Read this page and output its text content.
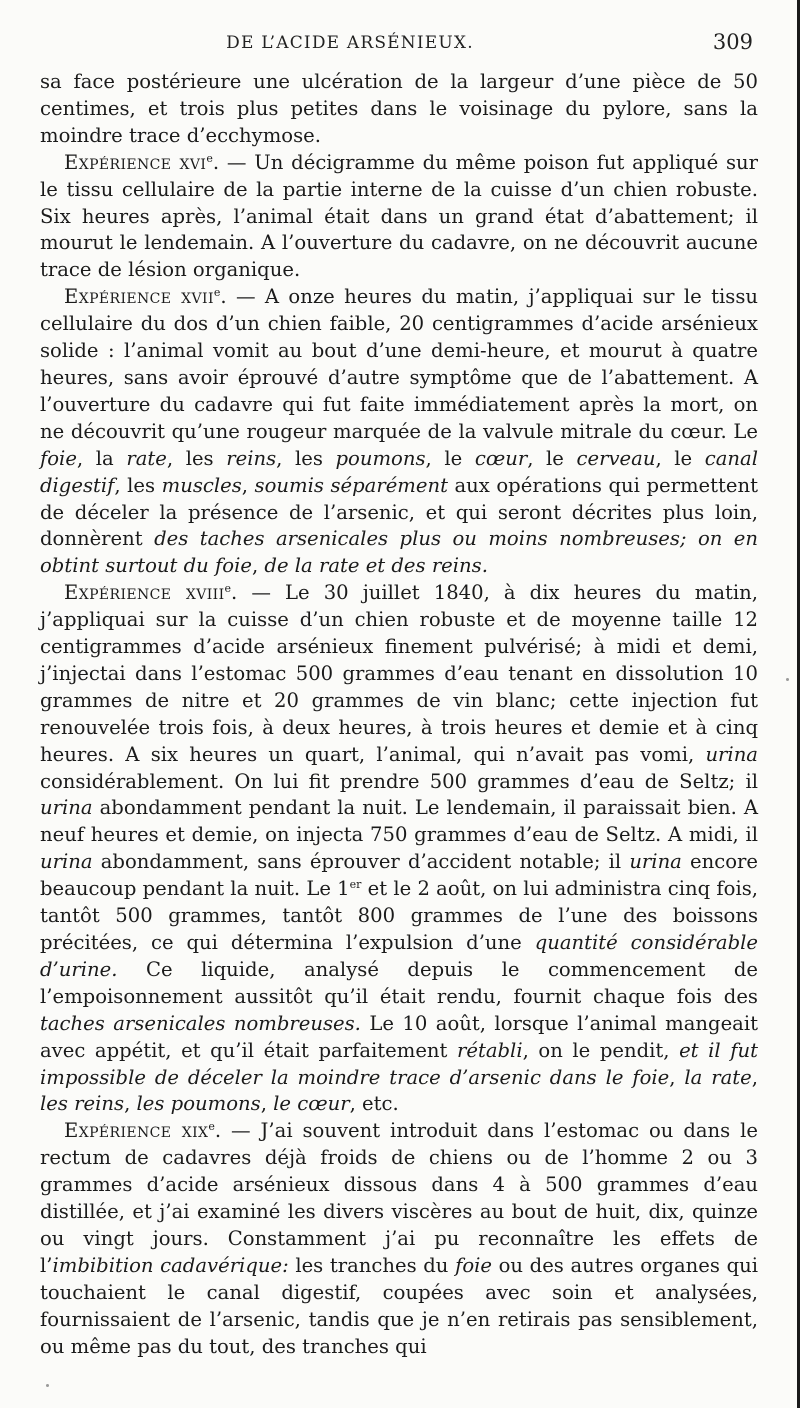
DE L’ACIDE ARSÉNIEUX.	309

sa face postérieure une ulcération de la largeur d’une pièce de 50 centimes, et trois plus petites dans le voisinage du pylore, sans la moindre trace d’ecchymose.

Expérience xvi$^e$. — Un décigramme du même poison fut appliqué sur le tissu cellulaire de la partie interne de la cuisse d’un chien robuste. Six heures après, l’animal était dans un grand état d’abattement; il mourut le lendemain. A l’ouverture du cadavre, on ne découvrit aucune trace de lésion organique.

Expérience xvii$^e$. — A onze heures du matin, j’appliquai sur le tissu cellulaire du dos d’un chien faible, 20 centigrammes d’acide arsénieux solide : l’animal vomit au bout d’une demi-heure, et mourut à quatre heures, sans avoir éprouvé d’autre symptôme que de l’abattement. A l’ouverture du cadavre qui fut faite immédiatement après la mort, on ne découvrit qu’une rougeur marquée de la valvule mitrale du cœur. Le foie, la rate, les reins, les poumons, le cœur, le cerveau, le canal digestif, les muscles, soumis séparément aux opérations qui permettent de déceler la présence de l’arsenic, et qui seront décrites plus loin, donnèrent des taches arsenicales plus ou moins nombreuses; on en obtint surtout du foie, de la rate et des reins.

Expérience xviii$^e$. — Le 30 juillet 1840, à dix heures du matin, j’appliquai sur la cuisse d’un chien robuste et de moyenne taille 12 centigrammes d’acide arsénieux finement pulvérisé; à midi et demi, j’injectai dans l’estomac 500 grammes d’eau tenant en dissolution 10 grammes de nitre et 20 grammes de vin blanc; cette injection fut renouvelée trois fois, à deux heures, à trois heures et demie et à cinq heures. A six heures un quart, l’animal, qui n’avait pas vomi, urina considérablement. On lui fit prendre 500 grammes d’eau de Seltz; il urina abondamment pendant la nuit. Le lendemain, il paraissait bien. A neuf heures et demie, on injecta 750 grammes d’eau de Seltz. A midi, il urina abondamment, sans éprouver d’accident notable; il urina encore beaucoup pendant la nuit. Le 1er et le 2 août, on lui administra cinq fois, tantôt 500 grammes, tantôt 800 grammes de l’une des boissons précitées, ce qui détermina l’expulsion d’une quantité considérable d’urine. Ce liquide, analysé depuis le commencement de l’empoisonnement aussitôt qu’il était rendu, fournit chaque fois des taches arsenicales nombreuses. Le 10 août, lorsque l’animal mangeait avec appétit, et qu’il était parfaitement rétabli, on le pendit, et il fut impossible de déceler la moindre trace d’arsenic dans le foie, la rate, les reins, les poumons, le cœur, etc.

Expérience xix$^e$. — J’ai souvent introduit dans l’estomac ou dans le rectum de cadavres déjà froids de chiens ou de l’homme 2 ou 3 grammes d’acide arsénieux dissous dans 4 à 500 grammes d’eau distillée, et j’ai examiné les divers viscères au bout de huit, dix, quinze ou vingt jours. Constamment j’ai pu reconnaître les effets de l’imbibition cadavérique: les tranches du foie ou des autres organes qui touchaient le canal digestif, coupées avec soin et analysées, fournissaient de l’arsenic, tandis que je n’en retirais pas sensiblement, ou même pas du tout, des tranches qui
